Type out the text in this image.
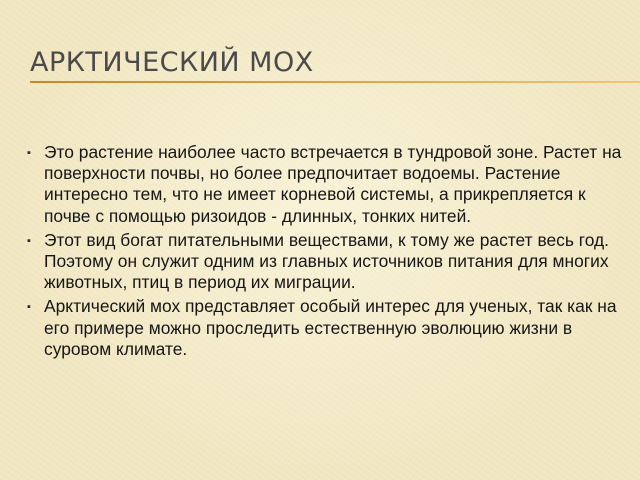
АРКТИЧЕСКИЙ МОХ
▪ Это растение наиболее часто встречается в тундровой зоне. Растет на поверхности почвы, но более предпочитает водоемы. Растение интересно тем, что не имеет корневой системы, а прикрепляется к почве с помощью ризоидов - длинных, тонких нитей.
▪ Этот вид богат питательными веществами, к тому же растет весь год. Поэтому он служит одним из главных источников питания для многих животных, птиц в период их миграции.
▪ Арктический мох представляет особый интерес для ученых, так как на его примере можно проследить естественную эволюцию жизни в суровом климате.
